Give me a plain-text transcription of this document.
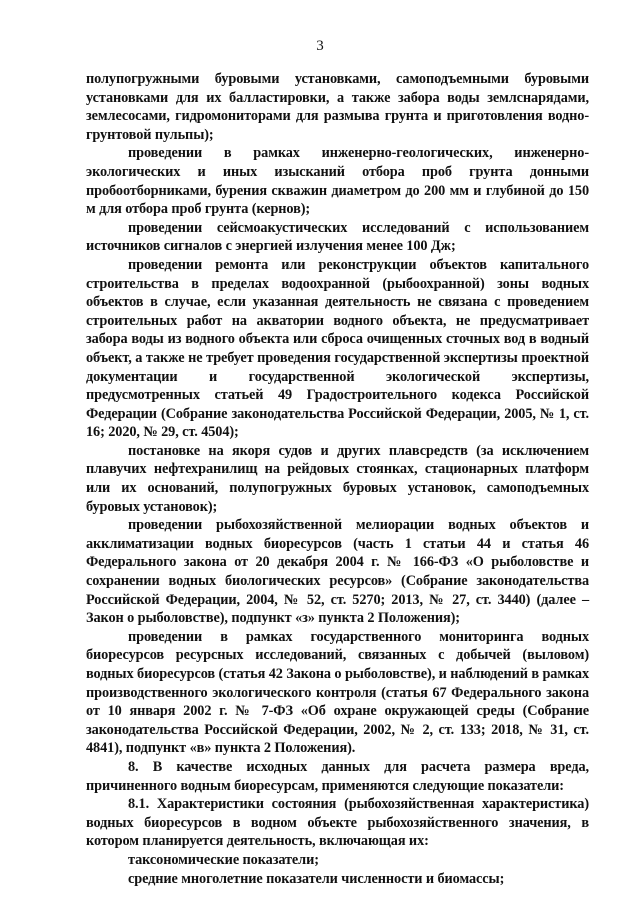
3

полупогружными буровыми установками, самоподъемными буровыми установками для их балластировки, а также забора воды землснарядами, землесосами, гидромониторами для размыва грунта и приготовления водно-грунтовой пульпы);

проведении в рамках инженерно-геологических, инженерно-экологических и иных изысканий отбора проб грунта донными пробоотборниками, бурения скважин диаметром до 200 мм и глубиной до 150 м для отбора проб грунта (кернов);

проведении сейсмоакустических исследований с использованием источников сигналов с энергией излучения менее 100 Дж;

проведении ремонта или реконструкции объектов капитального строительства в пределах водоохранной (рыбоохранной) зоны водных объектов в случае, если указанная деятельность не связана с проведением строительных работ на акватории водного объекта, не предусматривает забора воды из водного объекта или сброса очищенных сточных вод в водный объект, а также не требует проведения государственной экспертизы проектной документации и государственной экологической экспертизы, предусмотренных статьей 49 Градостроительного кодекса Российской Федерации (Собрание законодательства Российской Федерации, 2005, № 1, ст. 16; 2020, № 29, ст. 4504);

постановке на якоря судов и других плавсредств (за исключением плавучих нефтехранилищ на рейдовых стоянках, стационарных платформ или их оснований, полупогружных буровых установок, самоподъемных буровых установок);

проведении рыбохозяйственной мелиорации водных объектов и акклиматизации водных биоресурсов (часть 1 статьи 44 и статья 46 Федерального закона от 20 декабря 2004 г. № 166-ФЗ «О рыболовстве и сохранении водных биологических ресурсов» (Собрание законодательства Российской Федерации, 2004, № 52, ст. 5270; 2013, № 27, ст. 3440) (далее – Закон о рыболовстве), подпункт «з» пункта 2 Положения);

проведении в рамках государственного мониторинга водных биоресурсов ресурсных исследований, связанных с добычей (выловом) водных биоресурсов (статья 42 Закона о рыболовстве), и наблюдений в рамках производственного экологического контроля (статья 67 Федерального закона от 10 января 2002 г. № 7-ФЗ «Об охране окружающей среды (Собрание законодательства Российской Федерации, 2002, № 2, ст. 133; 2018, № 31, ст. 4841), подпункт «в» пункта 2 Положения).

8. В качестве исходных данных для расчета размера вреда, причиненного водным биоресурсам, применяются следующие показатели:

8.1. Характеристики состояния (рыбохозяйственная характеристика) водных биоресурсов в водном объекте рыбохозяйственного значения, в котором планируется деятельность, включающая их:

таксономические показатели;

средние многолетние показатели численности и биомассы;
